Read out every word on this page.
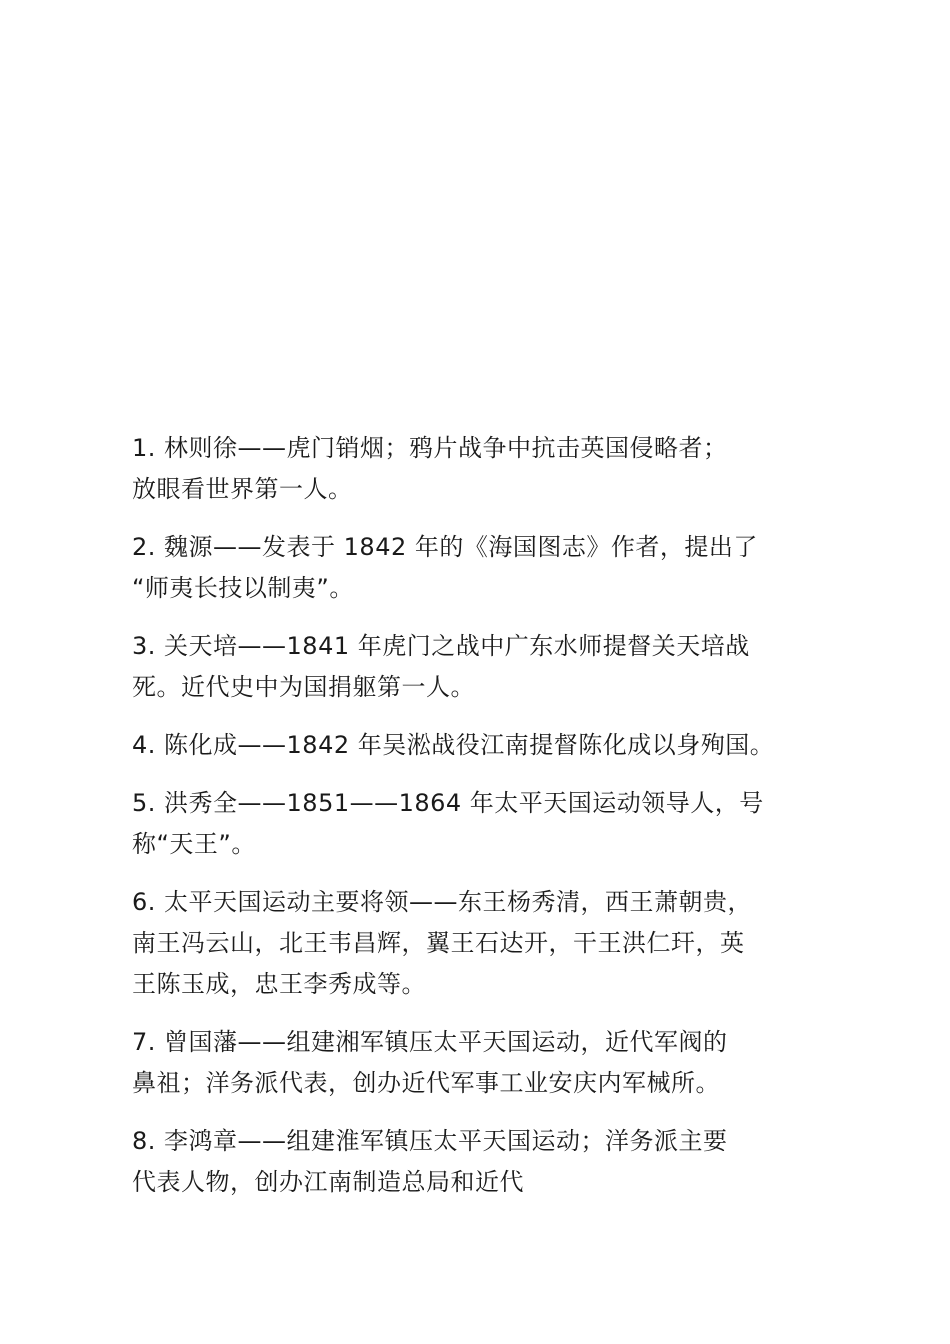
1. 林则徐——虎门销烟；鸦片战争中抗击英国侵略者；
放眼看世界第一人。
2. 魏源——发表于 1842 年的《海国图志》作者，提出了
“师夷长技以制夷”。
3. 关天培——1841 年虎门之战中广东水师提督关天培战
死。近代史中为国捐躯第一人。
4. 陈化成——1842 年吴淞战役江南提督陈化成以身殉国。
5. 洪秀全——1851——1864 年太平天国运动领导人，号
称“天王”。
6. 太平天国运动主要将领——东王杨秀清，西王萧朝贵，
南王冯云山，北王韦昌辉，翼王石达开，干王洪仁玕，英
王陈玉成，忠王李秀成等。
7. 曾国藩——组建湘军镇压太平天国运动，近代军阀的
鼻祖；洋务派代表，创办近代军事工业安庆内军械所。
8. 李鸿章——组建淮军镇压太平天国运动；洋务派主要
代表人物，创办江南制造总局和近代
